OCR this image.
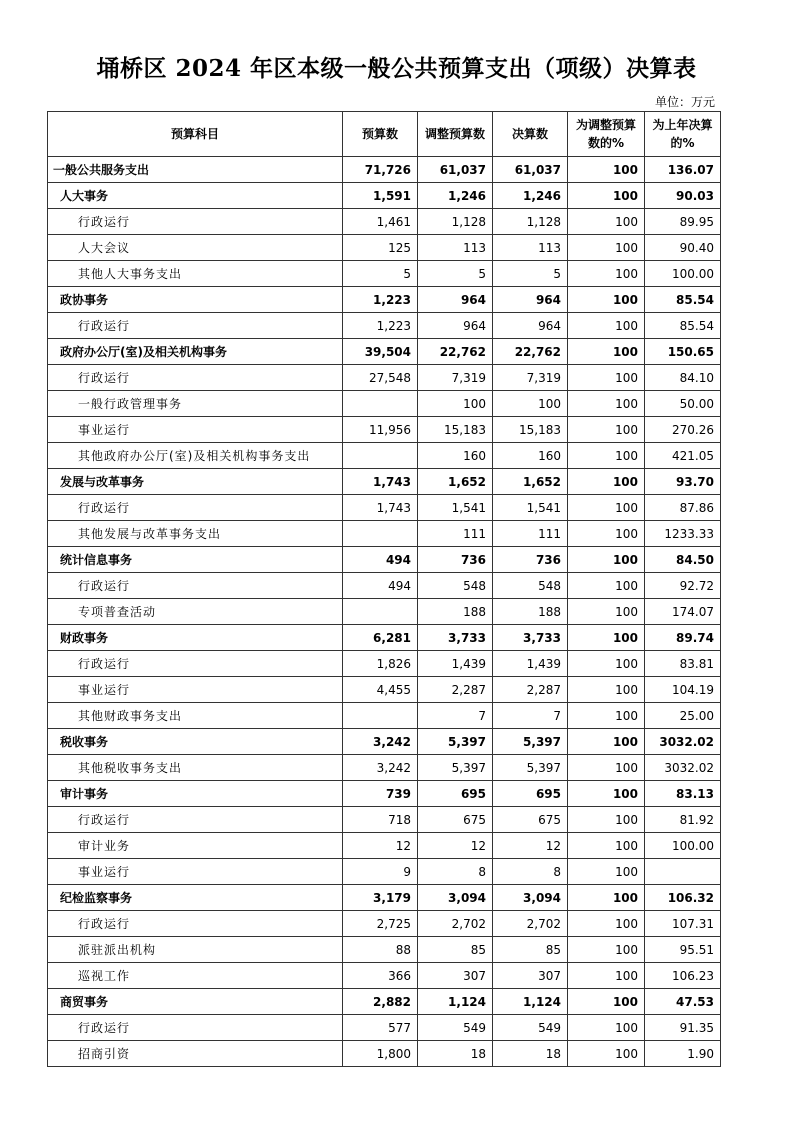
埇桥区 2024 年区本级一般公共预算支出（项级）决算表
单位：万元
预算科目	预算数	调整预算数	决算数	为调整预算数的%	为上年决算的%
一般公共服务支出	71,726	61,037	61,037	100	136.07
人大事务	1,591	1,246	1,246	100	90.03
行政运行	1,461	1,128	1,128	100	89.95
人大会议	125	113	113	100	90.40
其他人大事务支出	5	5	5	100	100.00
政协事务	1,223	964	964	100	85.54
行政运行	1,223	964	964	100	85.54
政府办公厅(室)及相关机构事务	39,504	22,762	22,762	100	150.65
行政运行	27,548	7,319	7,319	100	84.10
一般行政管理事务		100	100	100	50.00
事业运行	11,956	15,183	15,183	100	270.26
其他政府办公厅(室)及相关机构事务支出		160	160	100	421.05
发展与改革事务	1,743	1,652	1,652	100	93.70
行政运行	1,743	1,541	1,541	100	87.86
其他发展与改革事务支出		111	111	100	1233.33
统计信息事务	494	736	736	100	84.50
行政运行	494	548	548	100	92.72
专项普查活动		188	188	100	174.07
财政事务	6,281	3,733	3,733	100	89.74
行政运行	1,826	1,439	1,439	100	83.81
事业运行	4,455	2,287	2,287	100	104.19
其他财政事务支出		7	7	100	25.00
税收事务	3,242	5,397	5,397	100	3032.02
其他税收事务支出	3,242	5,397	5,397	100	3032.02
审计事务	739	695	695	100	83.13
行政运行	718	675	675	100	81.92
审计业务	12	12	12	100	100.00
事业运行	9	8	8	100	
纪检监察事务	3,179	3,094	3,094	100	106.32
行政运行	2,725	2,702	2,702	100	107.31
派驻派出机构	88	85	85	100	95.51
巡视工作	366	307	307	100	106.23
商贸事务	2,882	1,124	1,124	100	47.53
行政运行	577	549	549	100	91.35
招商引资	1,800	18	18	100	1.90
